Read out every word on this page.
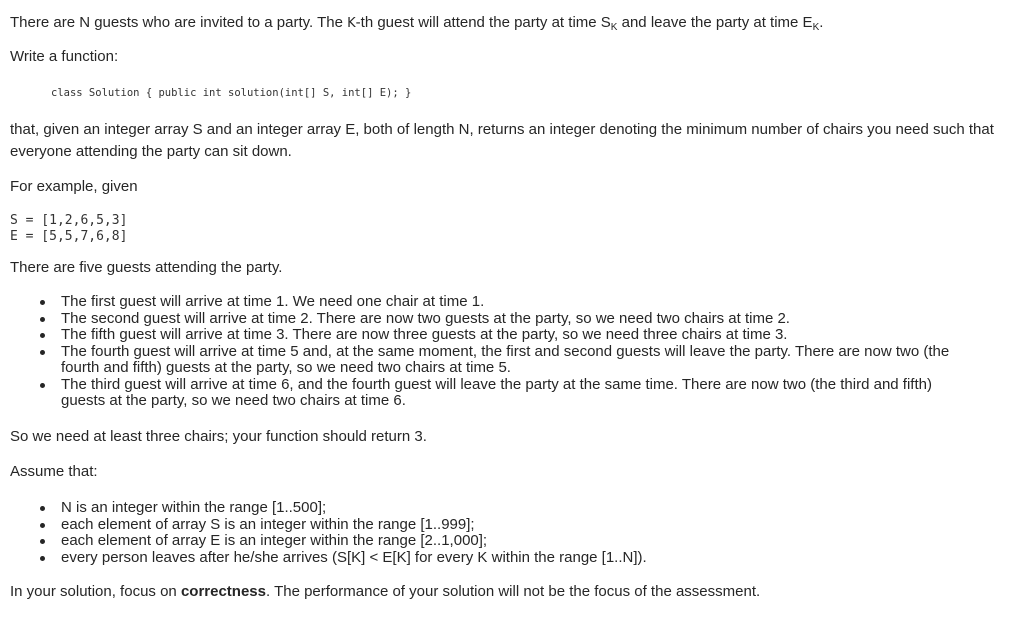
There are N guests who are invited to a party. The K-th guest will attend the party at time $S_K$ and leave the party at time $E_K$.

Write a function:

class Solution { public int solution(int[] S, int[] E); }

that, given an integer array S and an integer array E, both of length N, returns an integer denoting the minimum number of chairs you need such that everyone attending the party can sit down.

For example, given

S = [1,2,6,5,3]
E = [5,5,7,6,8]

There are five guests attending the party.

The first guest will arrive at time 1. We need one chair at time 1.
The second guest will arrive at time 2. There are now two guests at the party, so we need two chairs at time 2.
The fifth guest will arrive at time 3. There are now three guests at the party, so we need three chairs at time 3.
The fourth guest will arrive at time 5 and, at the same moment, the first and second guests will leave the party. There are now two (the fourth and fifth) guests at the party, so we need two chairs at time 5.
The third guest will arrive at time 6, and the fourth guest will leave the party at the same time. There are now two (the third and fifth) guests at the party, so we need two chairs at time 6.

So we need at least three chairs; your function should return 3.

Assume that:

N is an integer within the range [1..500];
each element of array S is an integer within the range [1..999];
each element of array E is an integer within the range [2..1,000];
every person leaves after he/she arrives (S[K] < E[K] for every K within the range [1..N]).

In your solution, focus on correctness. The performance of your solution will not be the focus of the assessment.
